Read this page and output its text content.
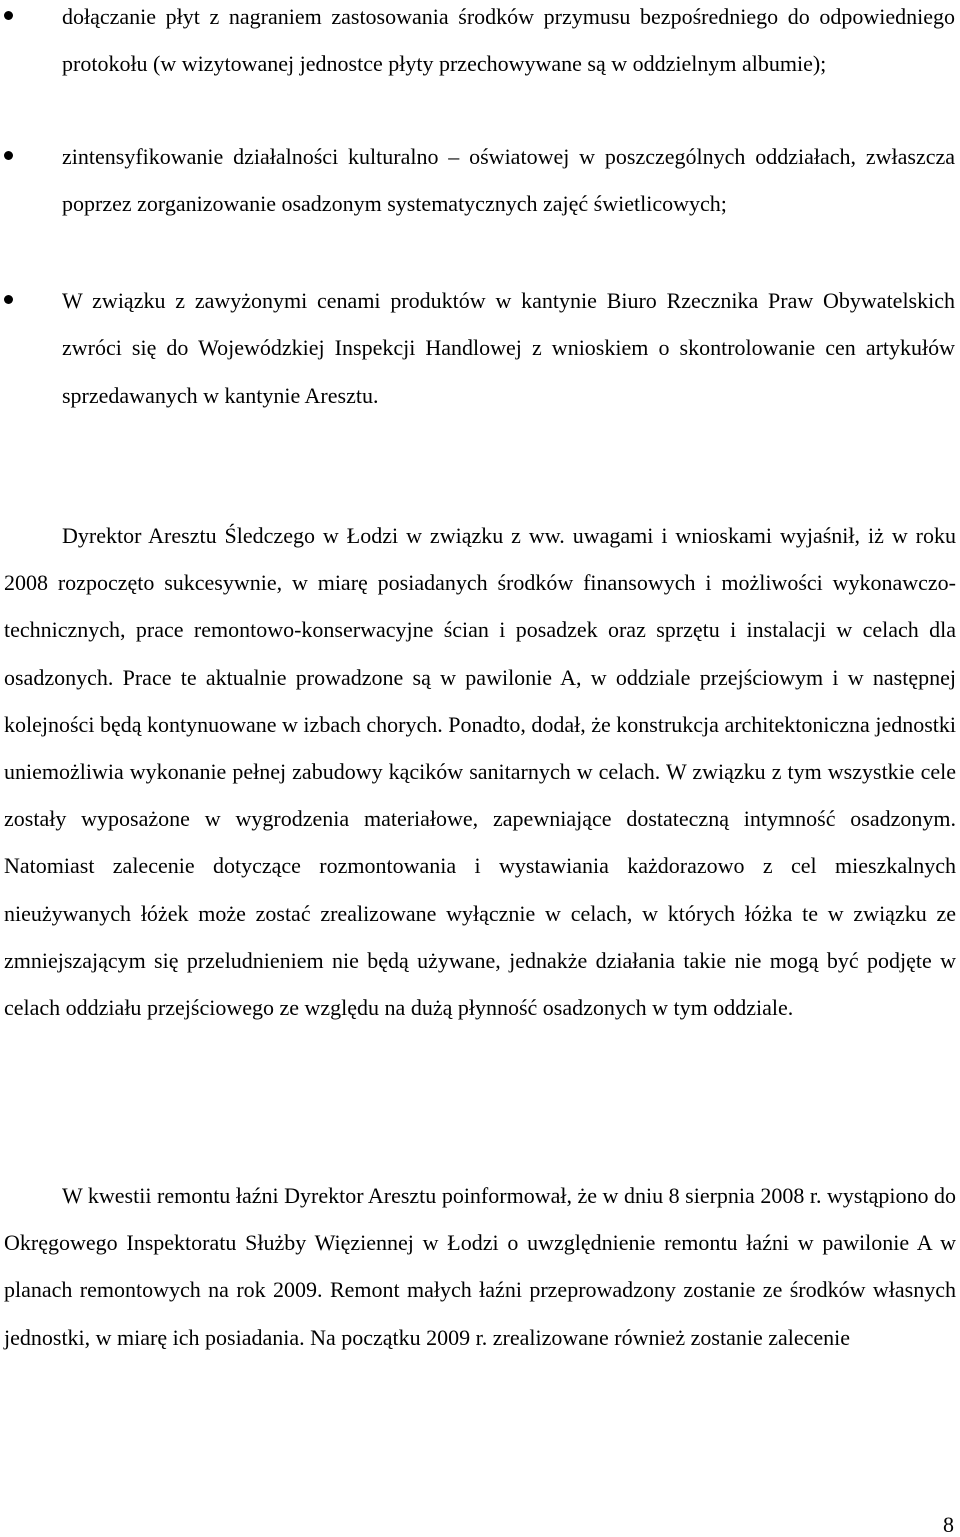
dołączanie płyt z nagraniem zastosowania środków przymusu bezpośredniego do odpowiedniego protokołu (w wizytowanej jednostce płyty przechowywane są w oddzielnym albumie);

zintensyfikowanie działalności kulturalno – oświatowej w poszczególnych oddziałach, zwłaszcza poprzez zorganizowanie osadzonym systematycznych zajęć świetlicowych;

W związku z zawyżonymi cenami produktów w kantynie Biuro Rzecznika Praw Obywatelskich zwróci się do Wojewódzkiej Inspekcji Handlowej z wnioskiem o skontrolowanie cen artykułów sprzedawanych w kantynie Aresztu.

Dyrektor Aresztu Śledczego w Łodzi w związku z ww. uwagami i wnioskami wyjaśnił, iż w roku 2008 rozpoczęto sukcesywnie, w miarę posiadanych środków finansowych i możliwości wykonawczo-technicznych, prace remontowo-konserwacyjne ścian i posadzek oraz sprzętu i instalacji w celach dla osadzonych. Prace te aktualnie prowadzone są w pawilonie A, w oddziale przejściowym i w następnej kolejności będą kontynuowane w izbach chorych. Ponadto, dodał, że konstrukcja architektoniczna jednostki uniemożliwia wykonanie pełnej zabudowy kącików sanitarnych w celach. W związku z tym wszystkie cele zostały wyposażone w wygrodzenia materiałowe, zapewniające dostateczną intymność osadzonym. Natomiast zalecenie dotyczące rozmontowania i wystawiania każdorazowo z cel mieszkalnych nieużywanych łóżek może zostać zrealizowane wyłącznie w celach, w których łóżka te w związku ze zmniejszającym się przeludnieniem nie będą używane, jednakże działania takie nie mogą być podjęte w celach oddziału przejściowego ze względu na dużą płynność osadzonych w tym oddziale.

W kwestii remontu łaźni Dyrektor Aresztu poinformował, że w dniu 8 sierpnia 2008 r. wystąpiono do Okręgowego Inspektoratu Służby Więziennej w Łodzi o uwzględnienie remontu łaźni w pawilonie A w planach remontowych na rok 2009. Remont małych łaźni przeprowadzony zostanie ze środków własnych jednostki, w miarę ich posiadania. Na początku 2009 r. zrealizowane również zostanie zalecenie

8
